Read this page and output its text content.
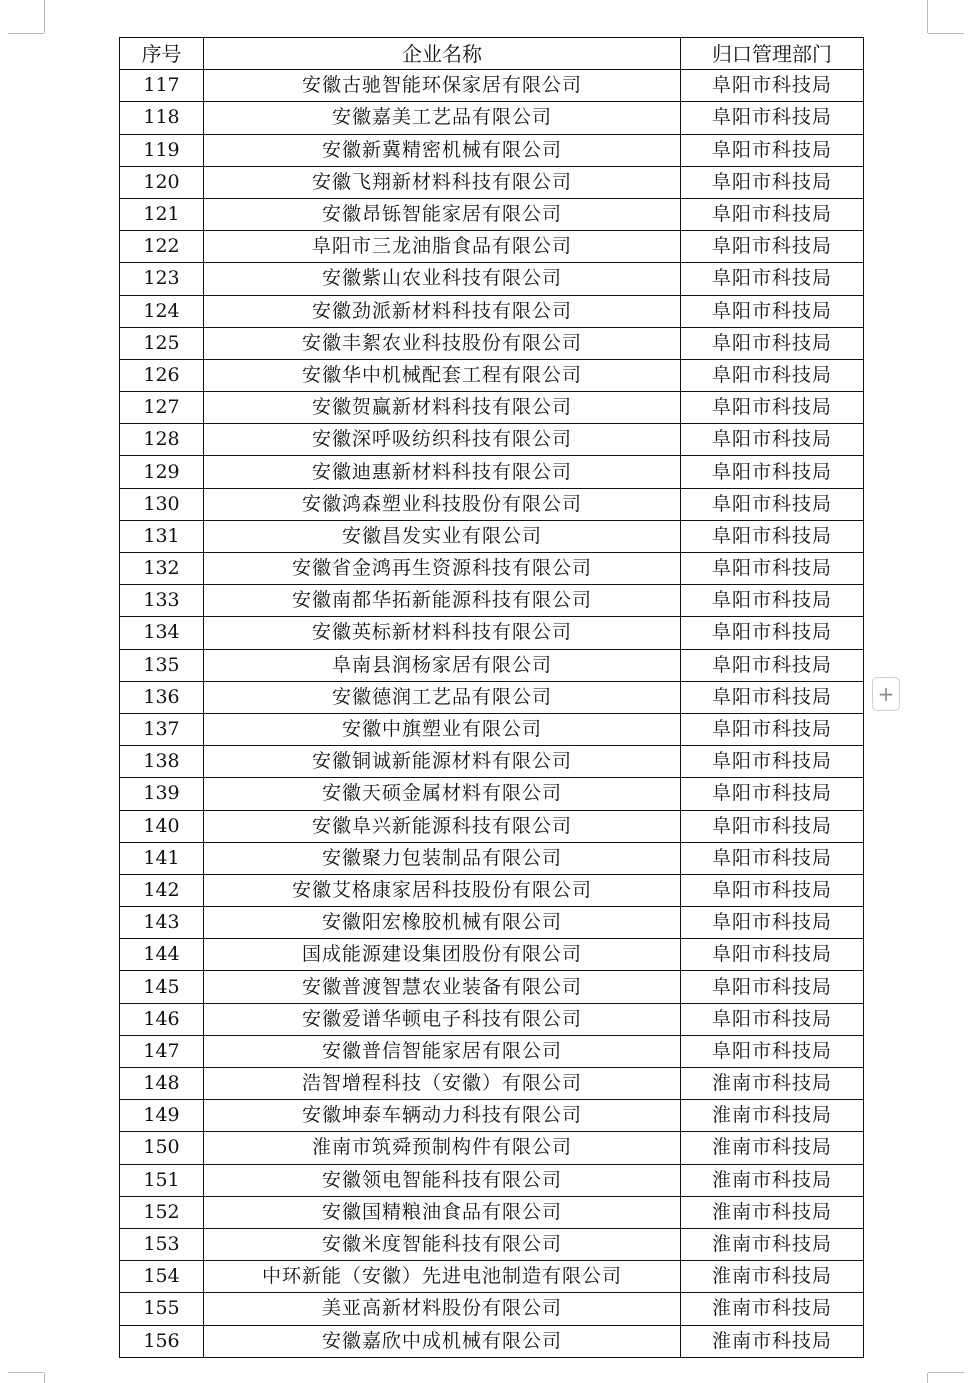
序号	企业名称	归口管理部门
117	安徽古驰智能环保家居有限公司	阜阳市科技局
118	安徽嘉美工艺品有限公司	阜阳市科技局
119	安徽新冀精密机械有限公司	阜阳市科技局
120	安徽飞翔新材料科技有限公司	阜阳市科技局
121	安徽昂铄智能家居有限公司	阜阳市科技局
122	阜阳市三龙油脂食品有限公司	阜阳市科技局
123	安徽紫山农业科技有限公司	阜阳市科技局
124	安徽劲派新材料科技有限公司	阜阳市科技局
125	安徽丰絮农业科技股份有限公司	阜阳市科技局
126	安徽华中机械配套工程有限公司	阜阳市科技局
127	安徽贺赢新材料科技有限公司	阜阳市科技局
128	安徽深呼吸纺织科技有限公司	阜阳市科技局
129	安徽迪惠新材料科技有限公司	阜阳市科技局
130	安徽鸿森塑业科技股份有限公司	阜阳市科技局
131	安徽昌发实业有限公司	阜阳市科技局
132	安徽省金鸿再生资源科技有限公司	阜阳市科技局
133	安徽南都华拓新能源科技有限公司	阜阳市科技局
134	安徽英标新材料科技有限公司	阜阳市科技局
135	阜南县润杨家居有限公司	阜阳市科技局
136	安徽德润工艺品有限公司	阜阳市科技局
137	安徽中旗塑业有限公司	阜阳市科技局
138	安徽铜诚新能源材料有限公司	阜阳市科技局
139	安徽天硕金属材料有限公司	阜阳市科技局
140	安徽阜兴新能源科技有限公司	阜阳市科技局
141	安徽聚力包装制品有限公司	阜阳市科技局
142	安徽艾格康家居科技股份有限公司	阜阳市科技局
143	安徽阳宏橡胶机械有限公司	阜阳市科技局
144	国成能源建设集团股份有限公司	阜阳市科技局
145	安徽普渡智慧农业装备有限公司	阜阳市科技局
146	安徽爱谱华顿电子科技有限公司	阜阳市科技局
147	安徽普信智能家居有限公司	阜阳市科技局
148	浩智增程科技（安徽）有限公司	淮南市科技局
149	安徽坤泰车辆动力科技有限公司	淮南市科技局
150	淮南市筑舜预制构件有限公司	淮南市科技局
151	安徽领电智能科技有限公司	淮南市科技局
152	安徽国精粮油食品有限公司	淮南市科技局
153	安徽米度智能科技有限公司	淮南市科技局
154	中环新能（安徽）先进电池制造有限公司	淮南市科技局
155	美亚高新材料股份有限公司	淮南市科技局
156	安徽嘉欣中成机械有限公司	淮南市科技局
+
